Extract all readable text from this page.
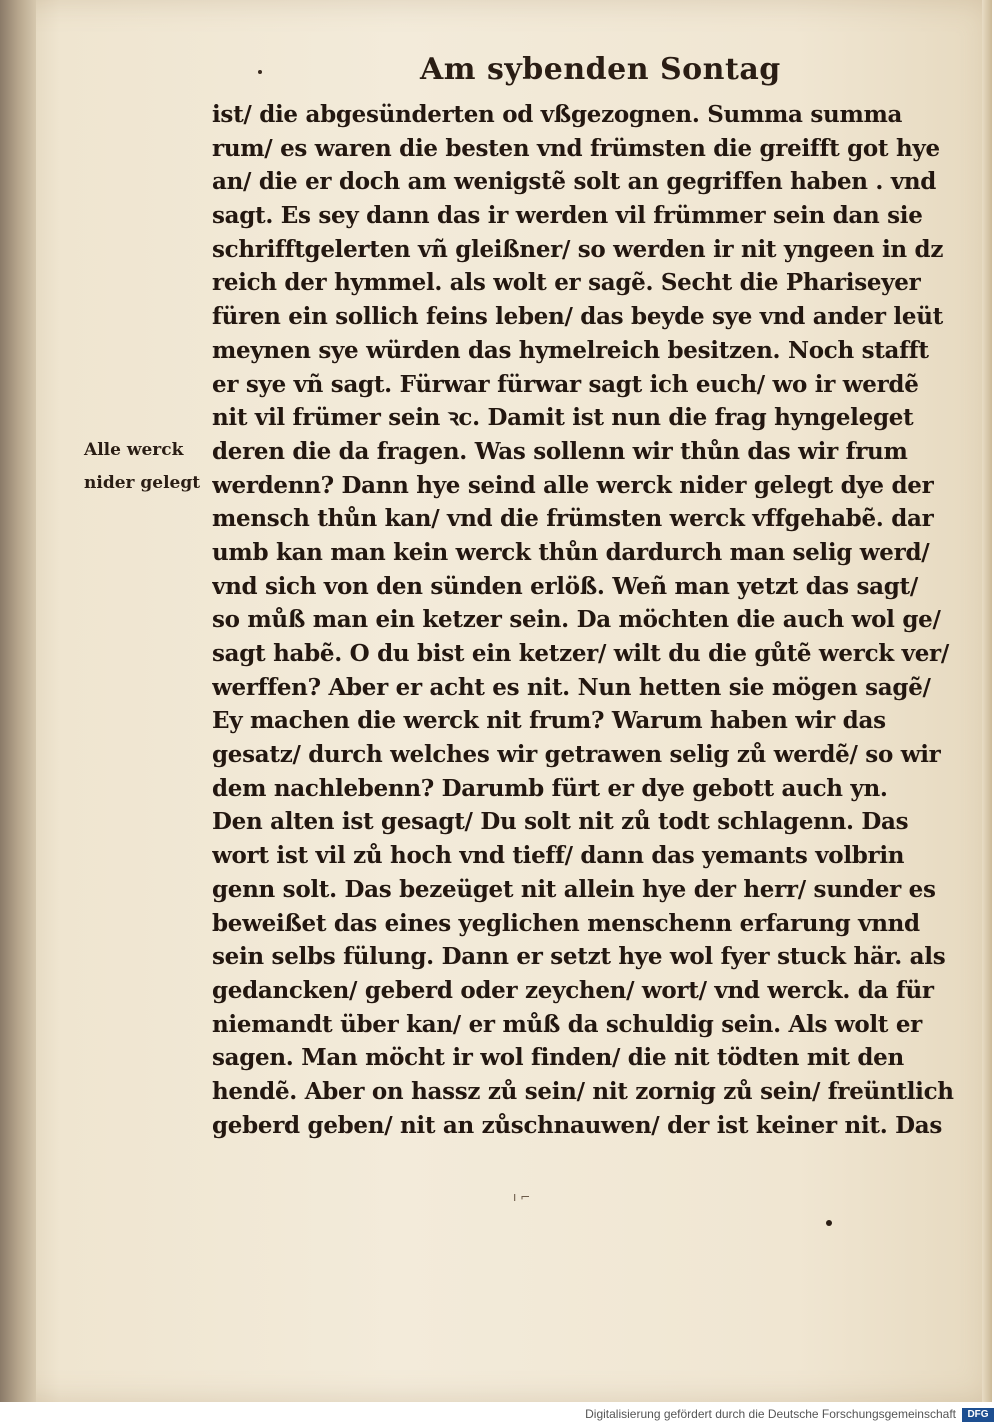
Am sybenden Sontag
Alle werck
nider gelegt
ist/ die abgesünderten od vßgezognen. Summa summa
rum/ es waren die besten vnd frümsten die greifft got hye
an/ die er doch am wenigstẽ solt an gegriffen haben . vnd
sagt. Es sey dann das ir werden vil frümmer sein dan sie
schrifftgelerten vñ gleißner/ so werden ir nit yngeen in dz
reich der hymmel. als wolt er sagẽ. Secht die Phariseyer
füren ein sollich feins leben/ das beyde sye vnd ander leüt
meynen sye würden das hymelreich besitzen. Noch stafft
er sye vñ sagt. Fürwar fürwar sagt ich euch/ wo ir werdẽ
nit vil frümer sein ꝛc. Damit ist nun die frag hyngeleget
deren die da fragen. Was sollenn wir thůn das wir frum
werdenn? Dann hye seind alle werck nider gelegt dye der
mensch thůn kan/ vnd die frümsten werck vffgehabẽ. dar
umb kan man kein werck thůn dardurch man selig werd/
vnd sich von den sünden erlöß. Weñ man yetzt das sagt/
so můß man ein ketzer sein. Da möchten die auch wol ge/
sagt habẽ. O du bist ein ketzer/ wilt du die gůtẽ werck ver/
werffen? Aber er acht es nit. Nun hetten sie mögen sagẽ/
Ey machen die werck nit frum? Warum haben wir das
gesatz/ durch welches wir getrawen selig zů werdẽ/ so wir
dem nachlebenn? Darumb fürt er dye gebott auch yn.
Den alten ist gesagt/ Du solt nit zů todt schlagenn. Das
wort ist vil zů hoch vnd tieff/ dann das yemants volbrin
genn solt. Das bezeüget nit allein hye der herr/ sunder es
beweißet das eines yeglichen menschenn erfarung vnnd
sein selbs fülung. Dann er setzt hye wol fyer stuck här. als
gedancken/ geberd oder zeychen/ wort/ vnd werck. da für
niemandt über kan/ er můß da schuldig sein. Als wolt er
sagen. Man möcht ir wol finden/ die nit tödten mit den
hendẽ. Aber on hassz zů sein/ nit zornig zů sein/ freüntlich
geberd geben/ nit an zůschnauwen/ der ist keiner nit. Das
ı ⌐
Digitalisierung gefördert durch die Deutsche Forschungsgemeinschaft	DFG
